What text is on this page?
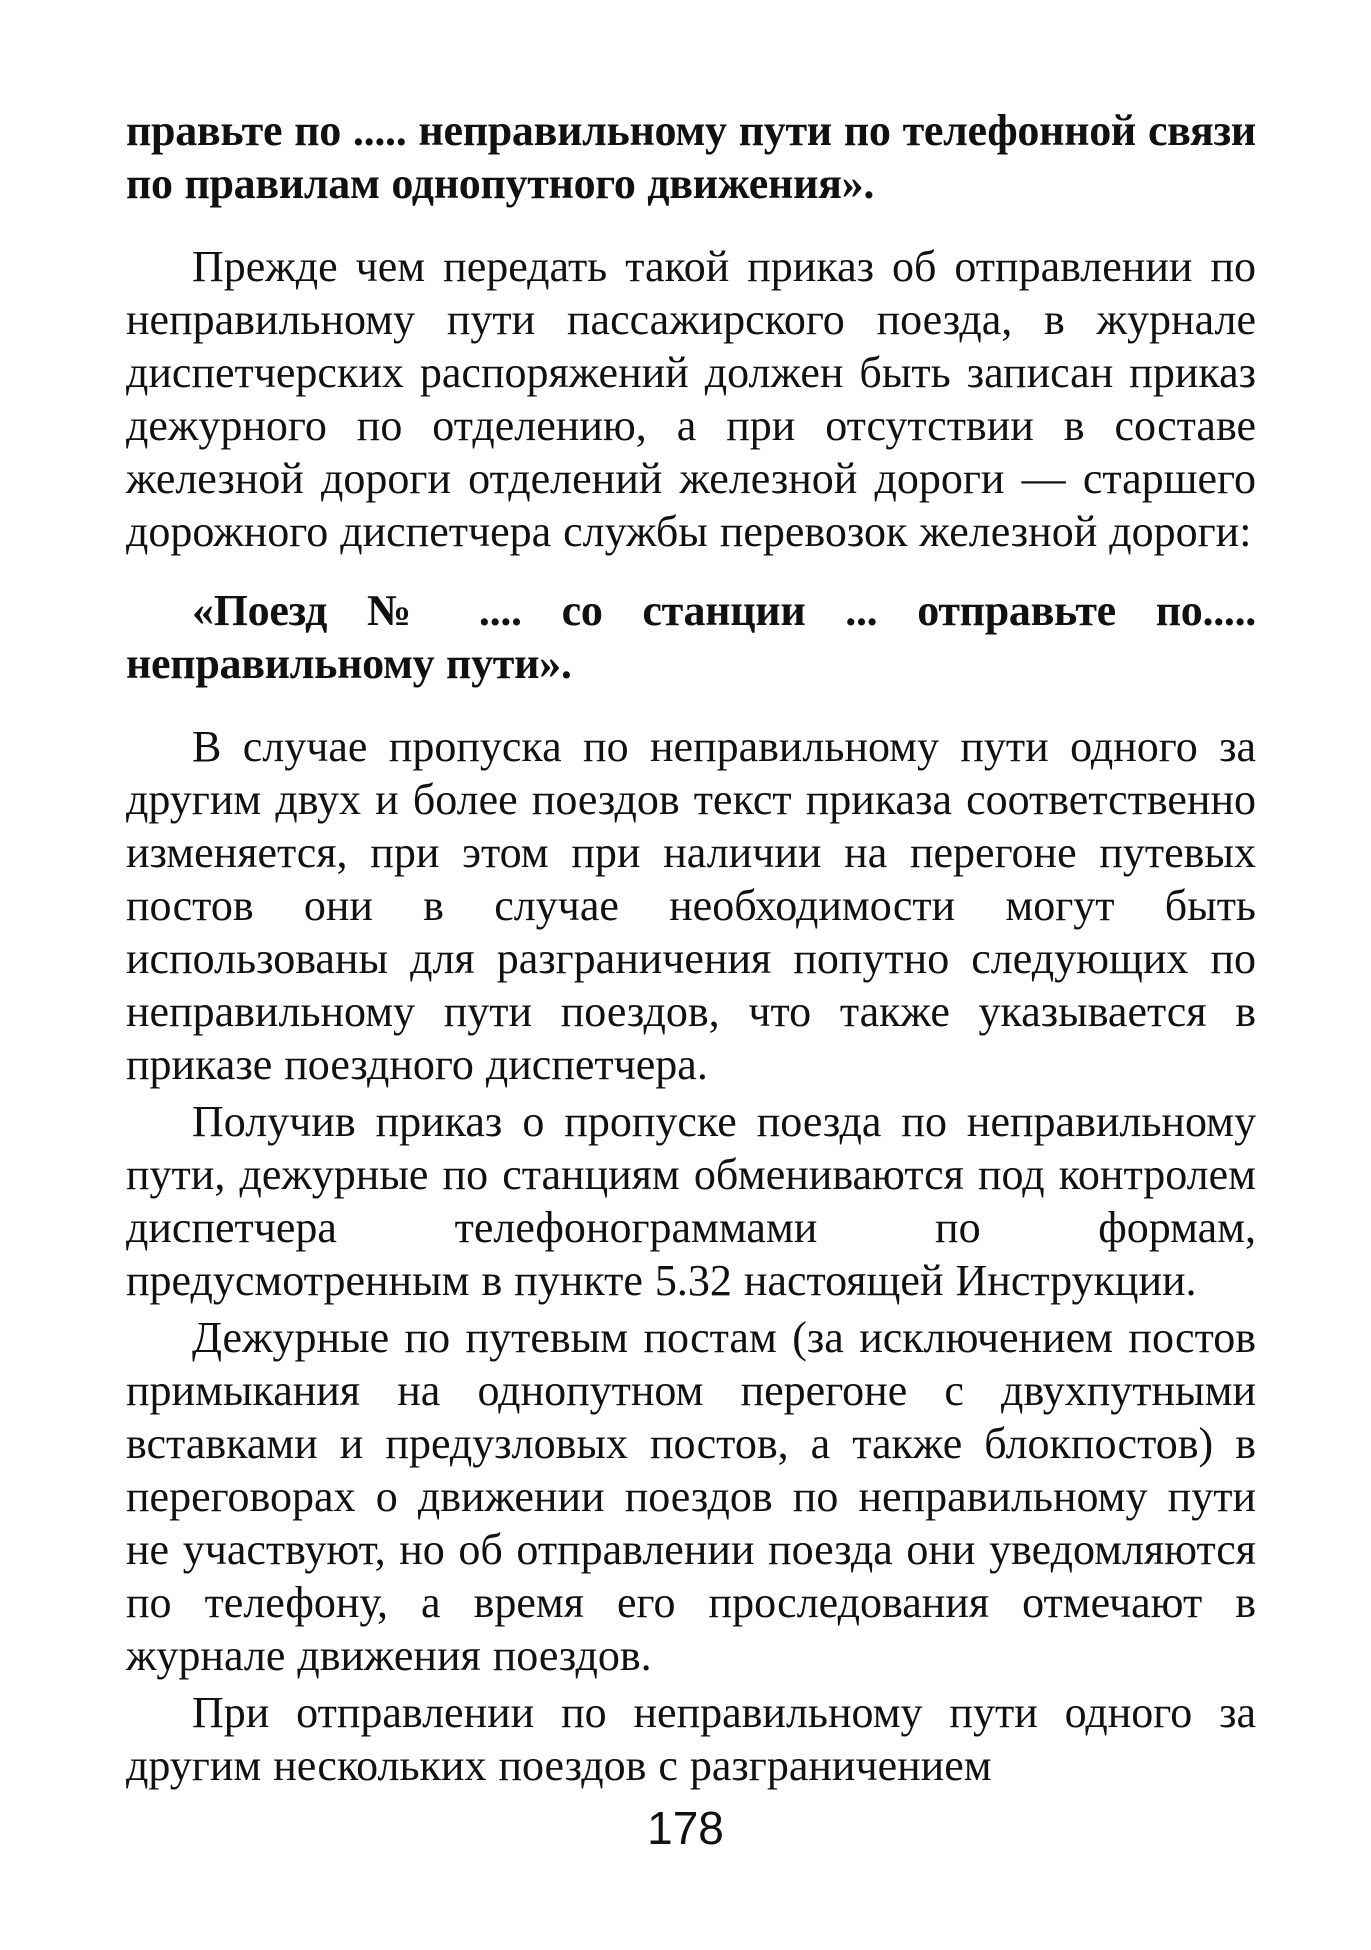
правьте по ..... неправильному пути по телефонной связи по правилам однопутного движения».

Прежде чем передать такой приказ об отправлении по неправильному пути пассажирского поезда, в журнале диспетчерских распоряжений должен быть записан приказ дежурного по отделению, а при отсутствии в составе железной дороги отделений железной дороги — старшего дорожного диспетчера службы перевозок железной дороги:

«Поезд № .... со станции ... отправьте по..... неправильному пути».

В случае пропуска по неправильному пути одного за другим двух и более поездов текст приказа соответственно изменяется, при этом при наличии на перегоне путевых постов они в случае необходимости могут быть использованы для разграничения попутно следующих по неправильному пути поездов, что также указывается в приказе поездного диспетчера.

Получив приказ о пропуске поезда по неправильному пути, дежурные по станциям обмениваются под контролем диспетчера телефонограммами по формам, предусмотренным в пункте 5.32 настоящей Инструкции.

Дежурные по путевым постам (за исключением постов примыкания на однопутном перегоне с двухпутными вставками и предузловых постов, а также блокпостов) в переговорах о движении поездов по неправильному пути не участвуют, но об отправлении поезда они уведомляются по телефону, а время его проследования отмечают в журнале движения поездов.

При отправлении по неправильному пути одного за другим нескольких поездов с разграничением

178
